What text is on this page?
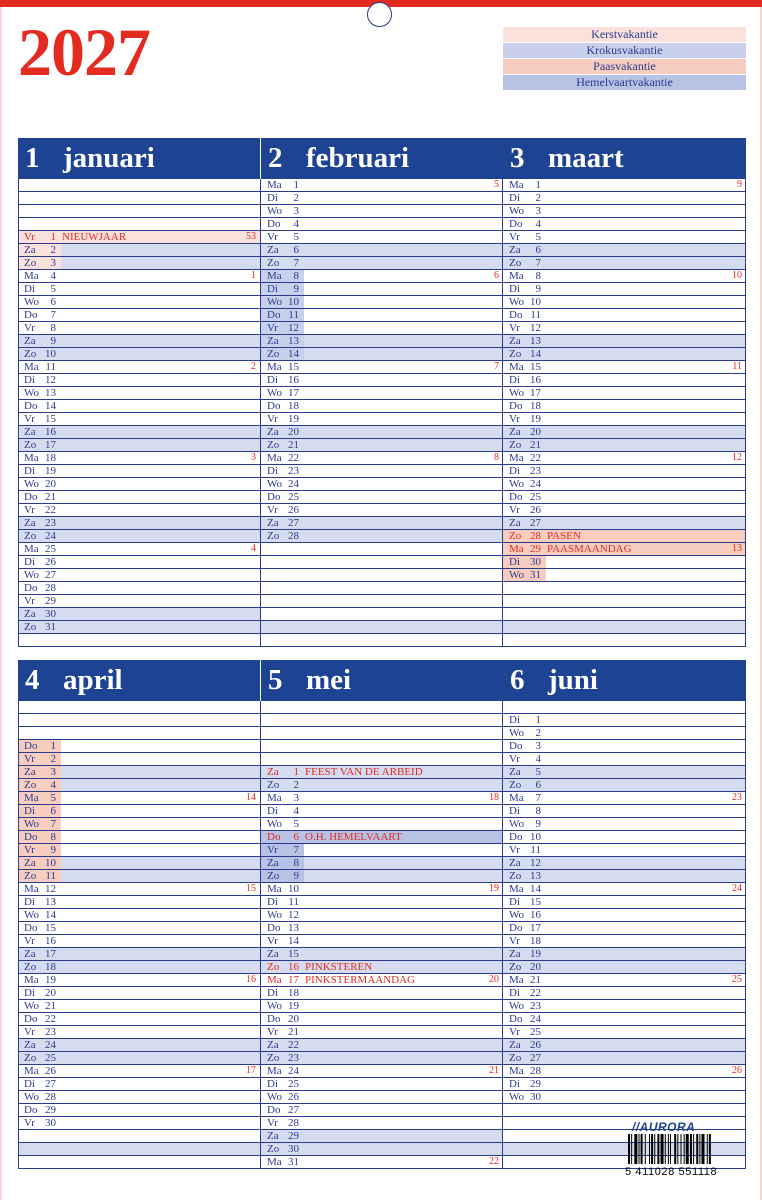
2027	Kerstvakantie
Krokusvakantie
Paasvakantie
Hemelvaartvakantie
1 januari
Vr	1 NIEUWJAAR	53
Za	2
Zo	3
Ma	4	1
Di	5
Wo	6
Do	7
Vr	8
Za	9
Zo 10
Ma 11	2
Di 12
Wo 13
Do 14
Vr 15
Za 16
Zo 17
Ma 18	3
Di 19
Wo 20
Do 21
Vr 22
Za 23
Zo 24
Ma 25	4
Di 26
Wo 27
Do 28
Vr 29
Za 30
Zo 31
2 februari
Ma	1	5
Di	2
Wo	3
Do	4
Vr	5
Za	6
Zo	7
Ma	8	6
Di	9
Wo 10
Do 11
Vr 12
Za 13
Zo 14
Ma 15	7
Di 16
Wo 17
Do 18
Vr 19
Za 20
Zo 21
Ma 22	8
Di 23
Wo 24
Do 25
Vr 26
Za 27
Zo 28
3 maart
Ma	1	9
Di	2
Wo	3
Do	4
Vr	5
Za	6
Zo	7
Ma	8	10
Di	9
Wo 10
Do 11
Vr 12
Za 13
Zo 14
Ma 15	11
Di 16
Wo 17
Do 18
Vr 19
Za 20
Zo 21
Ma 22	12
Di 23
Wo 24
Do 25
Vr 26
Za 27
Zo 28 PASEN
Ma 29 PAASMAANDAG	13
Di 30
Wo 31
4 april
Do	1
Vr	2
Za	3
Zo	4
Ma	5	14
Di	6
Wo	7
Do	8
Vr	9
Za 10
Zo 11
Ma 12	15
Di 13
Wo 14
Do 15
Vr 16
Za 17
Zo 18
Ma 19	16
Di 20
Wo 21
Do 22
Vr 23
Za 24
Zo 25
Ma 26	17
Di 27
Wo 28
Do 29
Vr 30
5 mei
Za	1 FEEST VAN DE ARBEID
Zo	2
Ma	3	18
Di	4
Wo	5
Do	6 O.H. HEMELVAART
Vr	7
Za	8
Zo	9
Ma 10	19
Di 11
Wo 12
Do 13
Vr 14
Za 15
Zo 16 PINKSTEREN
Ma 17 PINKSTERMAANDAG	20
Di 18
Wo 19
Do 20
Vr 21
Za 22
Zo 23
Ma 24	21
Di 25
Wo 26
Do 27
Vr 28
Za 29
Zo 30
Ma 31	22
6 juni
Di	1
Wo	2
Do	3
Vr	4
Za	5
Zo	6
Ma	7	23
Di	8
Wo	9
Do 10
Vr 11
Za 12
Zo 13
Ma 14	24
Di 15
Wo 16
Do 17
Vr 18
Za 19
Zo 20
Ma 21	25
Di 22
Wo 23
Do 24
Vr 25
Za 26
Zo 27
Ma 28	26
Di 29
Wo 30
//AURORA
5 411028 551118
